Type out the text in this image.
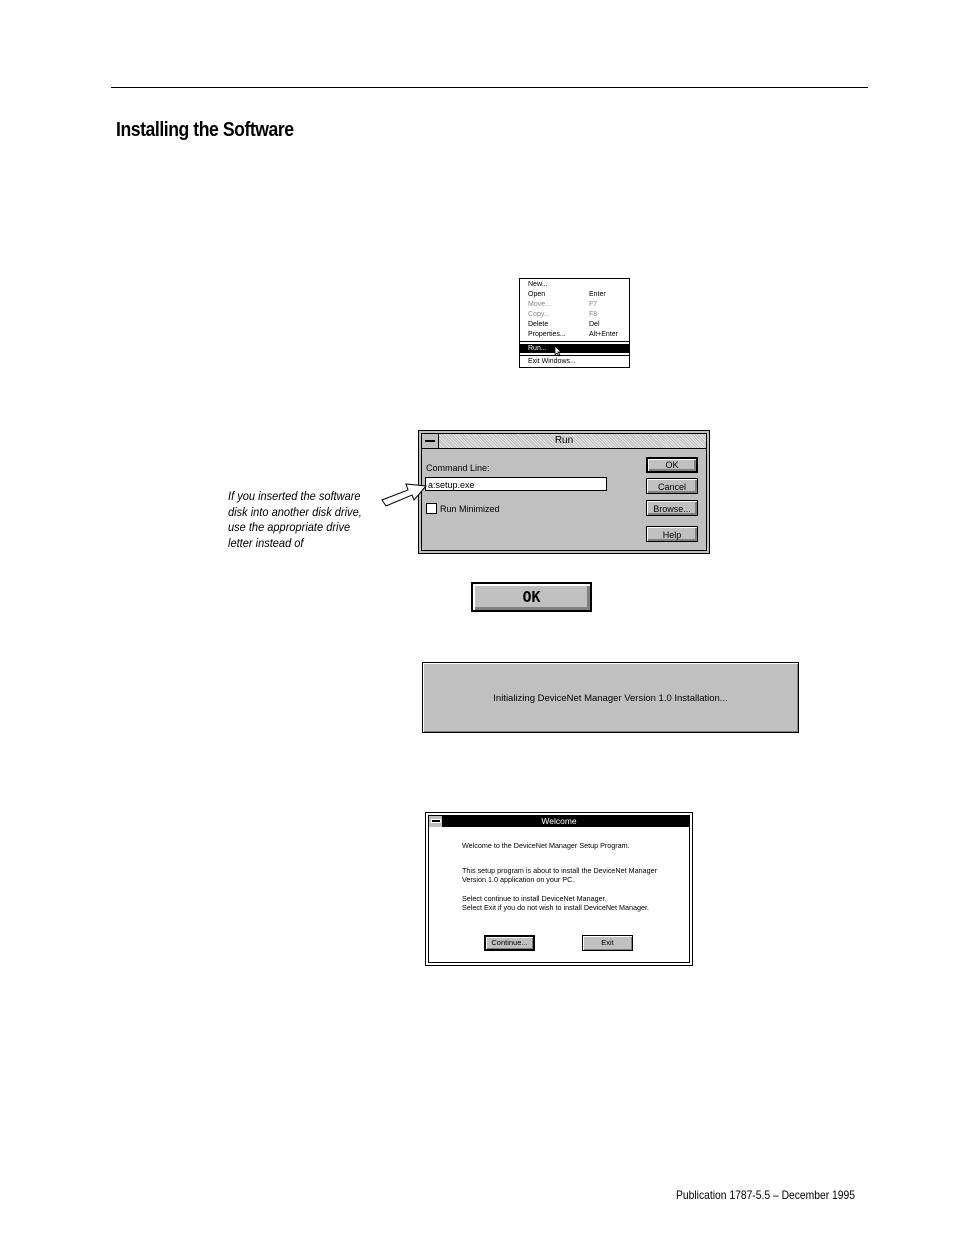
Installing the Software
New...
Open	Enter
Move...	F7
Copy...	F8
Delete	Del
Properties...	Alt+Enter
Run...
Exit Windows...
Run
Command Line:	OK
Cancel
Browse...
Help
Run Minimized
a:setup.exe
If you inserted the software disk into another disk drive, use the appropriate drive letter instead of
OK
Initializing DeviceNet Manager Version 1.0 Installation...
Welcome
Welcome to the DeviceNet Manager Setup Program.
This setup program is about to install the DeviceNet Manager Version 1.0 application on your PC.
Select continue to install DeviceNet Manager.
Select Exit if you do not wish to install DeviceNet Manager.
Continue...	Exit
Publication 1787-5.5 – December 1995
